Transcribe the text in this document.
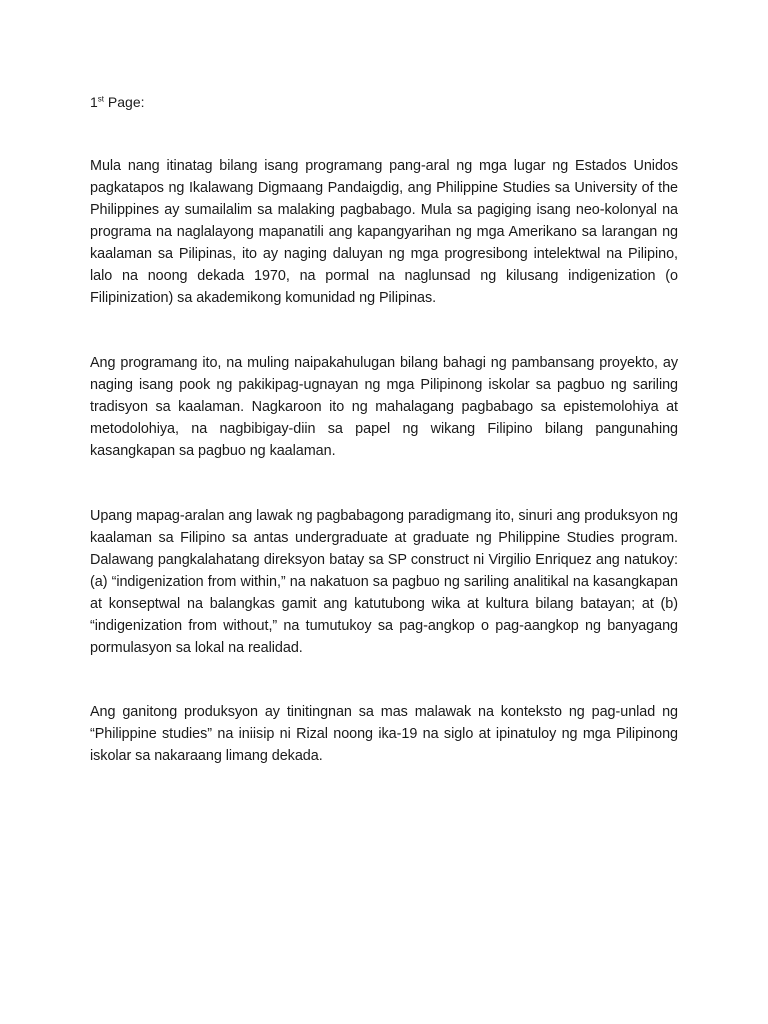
1st Page:

Mula nang itinatag bilang isang programang pang-aral ng mga lugar ng Estados Unidos pagkatapos ng Ikalawang Digmaang Pandaigdig, ang Philippine Studies sa University of the Philippines ay sumailalim sa malaking pagbabago. Mula sa pagiging isang neo-kolonyal na programa na naglalayong mapanatili ang kapangyarihan ng mga Amerikano sa larangan ng kaalaman sa Pilipinas, ito ay naging daluyan ng mga progresibong intelektwal na Pilipino, lalo na noong dekada 1970, na pormal na naglunsad ng kilusang indigenization (o Filipinization) sa akademikong komunidad ng Pilipinas.

Ang programang ito, na muling naipakahulugan bilang bahagi ng pambansang proyekto, ay naging isang pook ng pakikipag-ugnayan ng mga Pilipinong iskolar sa pagbuo ng sariling tradisyon sa kaalaman. Nagkaroon ito ng mahalagang pagbabago sa epistemolohiya at metodolohiya, na nagbibigay-diin sa papel ng wikang Filipino bilang pangunahing kasangkapan sa pagbuo ng kaalaman.

Upang mapag-aralan ang lawak ng pagbabagong paradigmang ito, sinuri ang produksyon ng kaalaman sa Filipino sa antas undergraduate at graduate ng Philippine Studies program. Dalawang pangkalahatang direksyon batay sa SP construct ni Virgilio Enriquez ang natukoy: (a) “indigenization from within,” na nakatuon sa pagbuo ng sariling analitikal na kasangkapan at konseptwal na balangkas gamit ang katutubong wika at kultura bilang batayan; at (b) “indigenization from without,” na tumutukoy sa pag-angkop o pag-aangkop ng banyagang pormulasyon sa lokal na realidad.

Ang ganitong produksyon ay tinitingnan sa mas malawak na konteksto ng pag-unlad ng “Philippine studies” na iniisip ni Rizal noong ika-19 na siglo at ipinatuloy ng mga Pilipinong iskolar sa nakaraang limang dekada.
